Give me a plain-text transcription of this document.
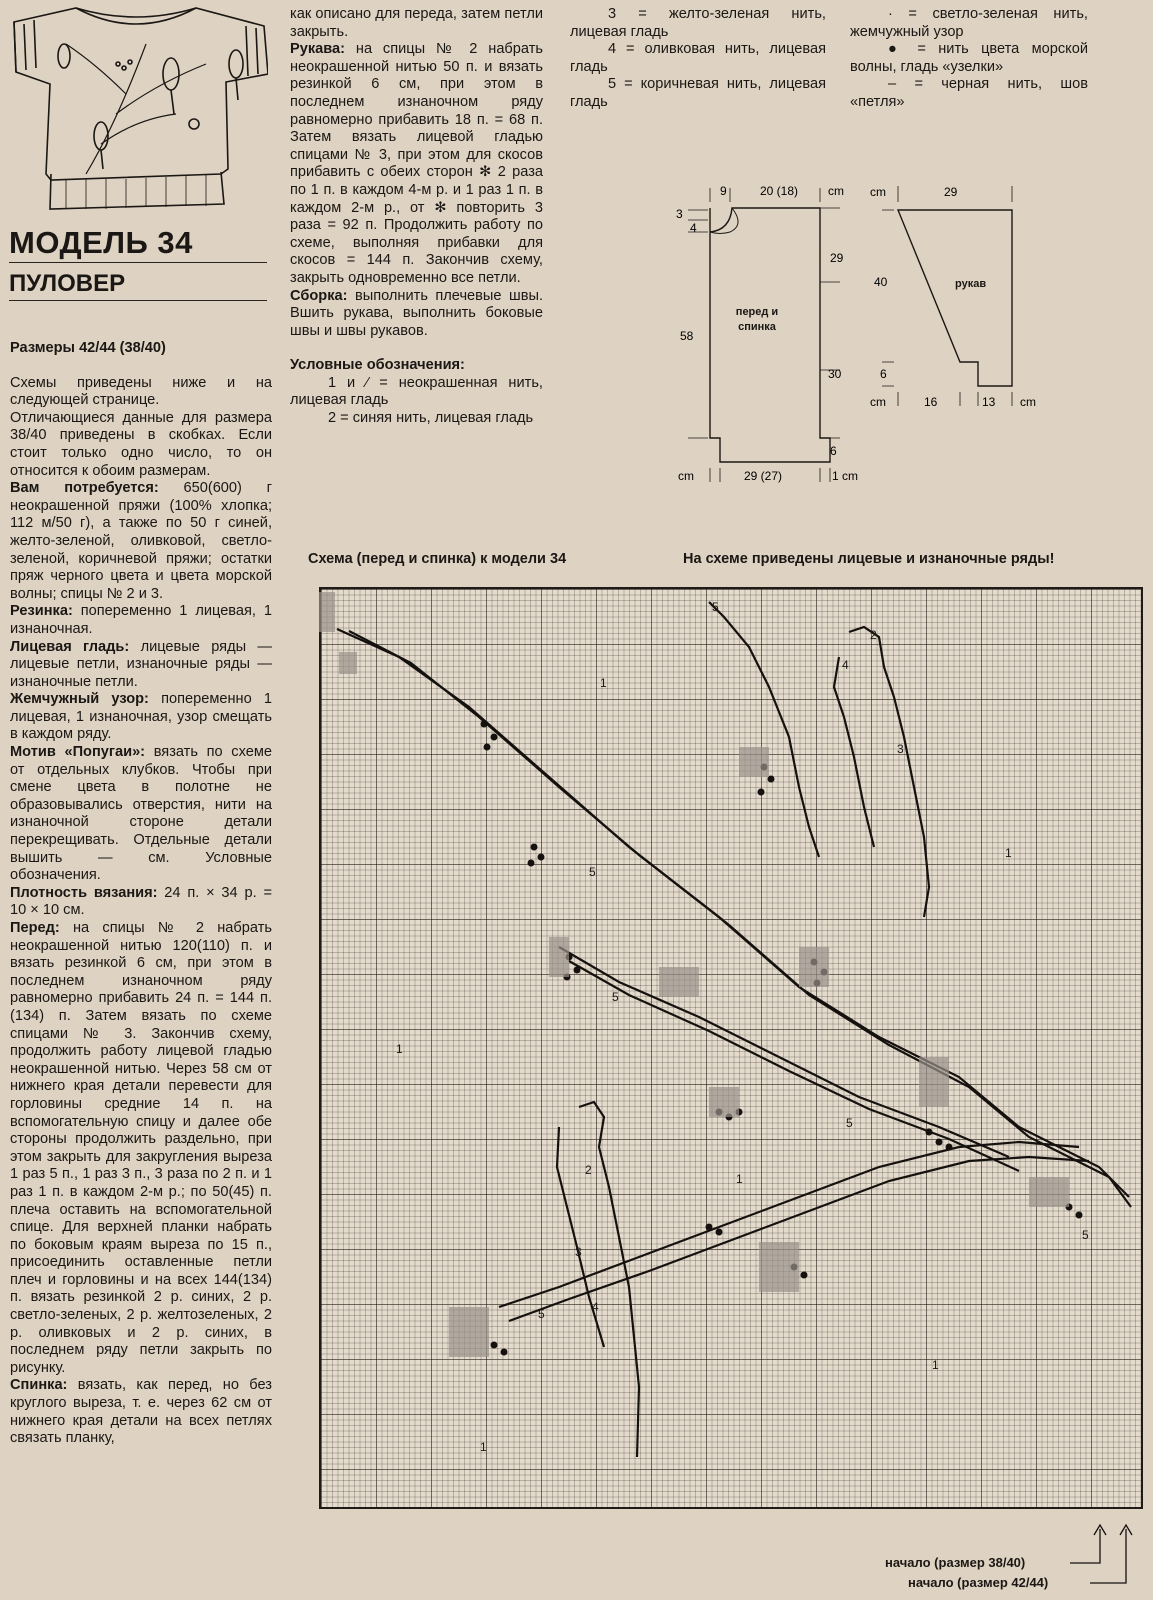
МОДЕЛЬ 34
ПУЛОВЕР

Размеры 42/44 (38/40)

Схемы приведены ниже и на следующей странице.

Отличающиеся данные для размера 38/40 приведены в скобках. Если стоит только одно число, то он относится к обоим размерам.

Вам потребуется: 650(600) г неокрашенной пряжи (100% хлопка; 112 м/50 г), а также по 50 г синей, желто-зеленой, оливковой, светло-зеленой, коричневой пряжи; остатки пряж черного цвета и цвета морской волны; спицы № 2 и 3.

Резинка: попеременно 1 лицевая, 1 изнаночная.

Лицевая гладь: лицевые ряды — лицевые петли, изнаночные ряды — изнаночные петли.

Жемчужный узор: попеременно 1 лицевая, 1 изнаночная, узор смещать в каждом ряду.

Мотив «Попугаи»: вязать по схеме от отдельных клубков. Чтобы при смене цвета в полотне не образовывались отверстия, нити на изнаночной стороне детали перекрещивать. Отдельные детали вышить — см. Условные обозначения.

Плотность вязания: 24 п. × 34 р. = 10 × 10 см.

Перед: на спицы № 2 набрать неокрашенной нитью 120(110) п. и вязать резинкой 6 см, при этом в последнем изнаночном ряду равномерно прибавить 24 п. = 144 п.(134) п. Затем вязать по схеме спицами № 3. Закончив схему, продолжить работу лицевой гладью неокрашенной нитью. Через 58 см от нижнего края детали перевести для горловины средние 14 п. на вспомогательную спицу и далее обе стороны продолжить раздельно, при этом закрыть для закругления выреза 1 раз 5 п., 1 раз 3 п., 3 раза по 2 п. и 1 раз 1 п. в каждом 2-м р.; по 50(45) п. плеча оставить на вспомогательной спице. Для верхней планки набрать по боковым краям выреза по 15 п., присоединить оставленные петли плеч и горловины и на всех 144(134) п. вязать резинкой 2 р. синих, 2 р. светло-зеленых, 2 р. желтозеленых, 2 р. оливковых и 2 р. синих, в последнем ряду петли закрыть по рисунку.

Спинка: вязать, как перед, но без круглого выреза, т. е. через 62 см от нижнего края детали на всех петлях связать планку,

как описано для переда, затем петли закрыть.

Рукава: на спицы № 2 набрать неокрашенной нитью 50 п. и вязать резинкой 6 см, при этом в последнем изнаночном ряду равномерно прибавить 18 п. = 68 п. Затем вязать лицевой гладью спицами № 3, при этом для скосов прибавить с обеих сторон ✻ 2 раза по 1 п. в каждом 4-м р. и 1 раз 1 п. в каждом 2-м р., от ✻ повторить 3 раза = 92 п. Продолжить работу по схеме, выполняя прибавки для скосов = 144 п. Закончив схему, закрыть одновременно все петли.

Сборка: выполнить плечевые швы. Вшить рукава, выполнить боковые швы и швы рукавов.

Условные обозначения:

1 и ⁄ = неокрашенная нить, лицевая гладь

2 = синяя нить, лицевая гладь

3 = желто-зеленая нить, лицевая гладь

4 = оливковая нить, лицевая гладь

5 = коричневая нить, лицевая гладь

· = светло-зеленая нить, жемчужный узор

● = нить цвета морской волны, гладь «узелки»

– = черная нить, шов «петля»

9	20 (18) cm
3
4
58
29
30
6
cm	29 (27)	1 cm
перед и спинка
cm	29
40
6
cm	16	13 cm
рукав
Схема (перед и спинка) к модели 34	На схеме приведены лицевые и изнаночные ряды!
1
1
1
1
1
1
2
2
3
3
4
4
5
5
5
5
5
5
начало (размер 38/40)
начало (размер 42/44)
